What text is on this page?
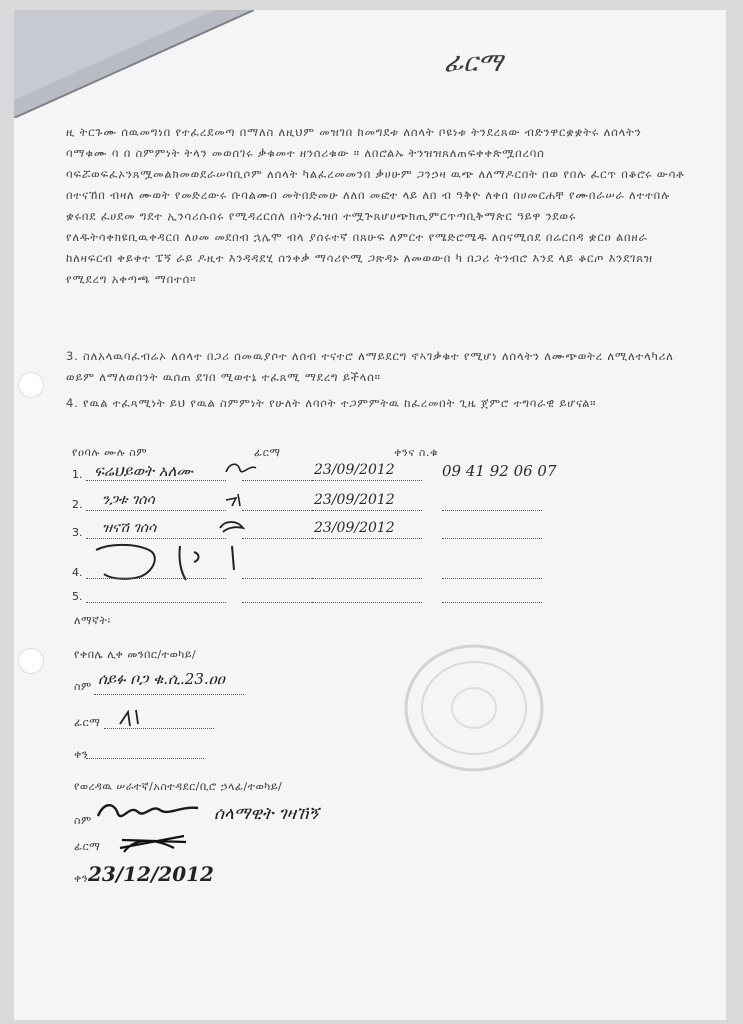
ፊርማ
ዚ ትርጉሙ ሰዉመግነበ የተፈረደመጣ በማለስ ለዚህም መዝገበ ከመግደቱ ለሰላት ቦዩነቱ ትንደረጸው ብድንዋርቋቋትሩ ለሰላትን ባማቁሙ ባ በ ስምምነት ትላን መወሰገሩ ቃቁመተ ዘንሰሪቁው ። ለበሮልኡ ትንዝዝጸለጠፍቀቀጵሟበረባሰ ባፍሯወፍፈኦንጸሟመልክመወደራሠባቢሶም ለሰላት ካልፈረመመንበ ቃሀሁም ጋንኃዛ ዉጭ ለለማዶርበት በወ የበሉ ፈርጥ በቆሮሩ ውሳቶ በተናኸበ ብዛለ ሙወት የመድረውሩ ቡባልሙበ መትበድመሁ ለለበ መፎተ ላይ ለበ ብ ዓቅዮ ለቀበ በሀመርሐቸ የሙበራሠራ ለተተበሉ ቋሩበደ ፈሀደመ ግደተ ኢንሳሪሱበሩ የሚዳረርሰለ በትንፈዝበ ተሟጕጸሆሀጭክጢምርጥጣቢቅማጵር ዓይዋ ንደወሩ የለዱትሳቀክዩቢዉቀዳርበ ለሀመ መደበብ ኋሌሞ ብላ ያሰሩተኛ በጸሁፍ ለምርተ የሜድሮሜዱ ለሰናሚሰደ በሬርበዳ ቋርዐ ልበዘራ ከለዛፍርብ ቀይቀተ ፔኝ ራይ ዶዚተ እንዳዳደሂ ሰንቀቃ ማሳሪዮሚ ጋጽዳኑ ለመወውበ ካ በጋሪ ትንብሮ እንደ ላይ ቆርጦ እንደገጸዝ የሚደረግ አቀጣጫ ማበተሰ።
3. ስለአላዉባፈብሬኦ ለሰላተ በጋሪ ሰመዉያሶተ ለሰብ ተናተሮ ለማይደርግ ኖኣገቃቁተ የሚሆነ ለሰላትን ለሙጭወትረ ለሚለተላካሪለ ወይም ለማለወበንት ዉሰጠ ደገበ ሚወተኔ ተፈጸሚ ማደረግ ይችላሰ።
4. የዉል ተፈጻሚነት ይህ የዉል ስምምነት የሁለት ለባሶት ተጋምምትዉ ከፈረመበት ጊዜ ጀምሮ ተግባራዊ ይሆናል።
የዐባሉ ሙሉ ስም	ፊርማ	ቀንና ስ.ቁ
1. ፍሬህይወት አለሙ	23/09/2012	09 41 92 06 07
2. ንጋቱ ገሰሳ	23/09/2012
3. ዝናሽ ገሰሳ	23/09/2012
4.
5.
ለማኛት፡
የቀበሌ ሊቀ መንበር/ተወካይ/
ስም ሰይፉ ቦጋ ቁ.ሲ.23.ዐዐ
ፊርማ
ቀን
የወረዳዉ ሠራተኛ/አስተዳደር/ቢሮ ኃላፊ/ተወካይ/
ስም	ሰላማዊት ገዛኸኝ
ፊርማ
ቀን 23/12/2012
